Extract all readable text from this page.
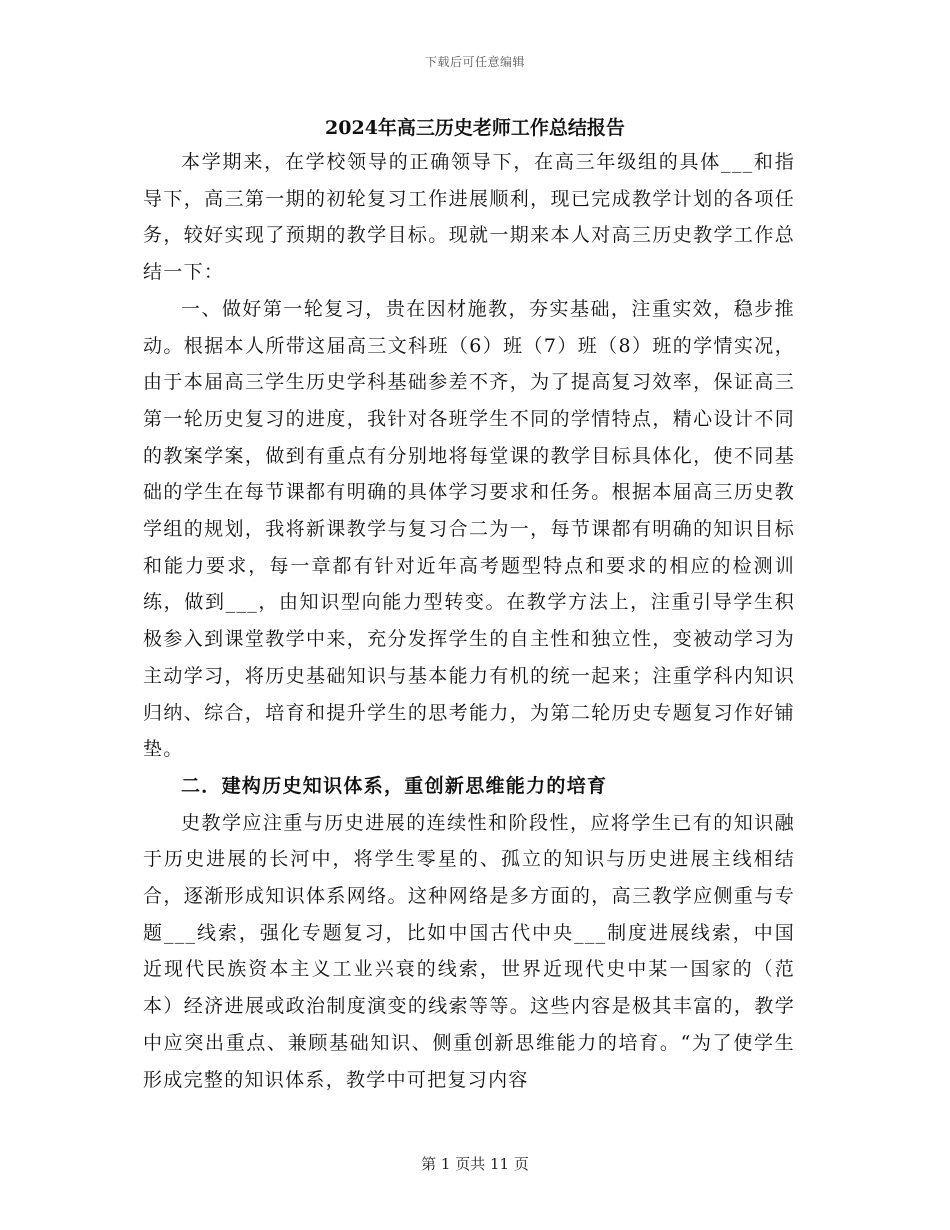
下载后可任意编辑
2024年高三历史老师工作总结报告

本学期来，在学校领导的正确领导下，在高三年级组的具体___和指导下，高三第一期的初轮复习工作进展顺利，现已完成教学计划的各项任务，较好实现了预期的教学目标。现就一期来本人对高三历史教学工作总结一下：

一、做好第一轮复习，贵在因材施教，夯实基础，注重实效，稳步推动。根据本人所带这届高三文科班（6）班（7）班（8）班的学情实况，由于本届高三学生历史学科基础参差不齐，为了提高复习效率，保证高三第一轮历史复习的进度，我针对各班学生不同的学情特点，精心设计不同的教案学案，做到有重点有分别地将每堂课的教学目标具体化，使不同基础的学生在每节课都有明确的具体学习要求和任务。根据本届高三历史教学组的规划，我将新课教学与复习合二为一，每节课都有明确的知识目标和能力要求，每一章都有针对近年高考题型特点和要求的相应的检测训练，做到___，由知识型向能力型转变。在教学方法上，注重引导学生积极参入到课堂教学中来，充分发挥学生的自主性和独立性，变被动学习为主动学习，将历史基础知识与基本能力有机的统一起来；注重学科内知识归纳、综合，培育和提升学生的思考能力，为第二轮历史专题复习作好铺垫。

二．建构历史知识体系，重创新思维能力的培育

史教学应注重与历史进展的连续性和阶段性，应将学生已有的知识融于历史进展的长河中，将学生零星的、孤立的知识与历史进展主线相结合，逐渐形成知识体系网络。这种网络是多方面的，高三教学应侧重与专题___线索，强化专题复习，比如中国古代中央___制度进展线索，中国近现代民族资本主义工业兴衰的线索，世界近现代史中某一国家的（范本）经济进展或政治制度演变的线索等等。这些内容是极其丰富的，教学中应突出重点、兼顾基础知识、侧重创新思维能力的培育。“为了使学生形成完整的知识体系，教学中可把复习内容

第 1 页共 11 页
